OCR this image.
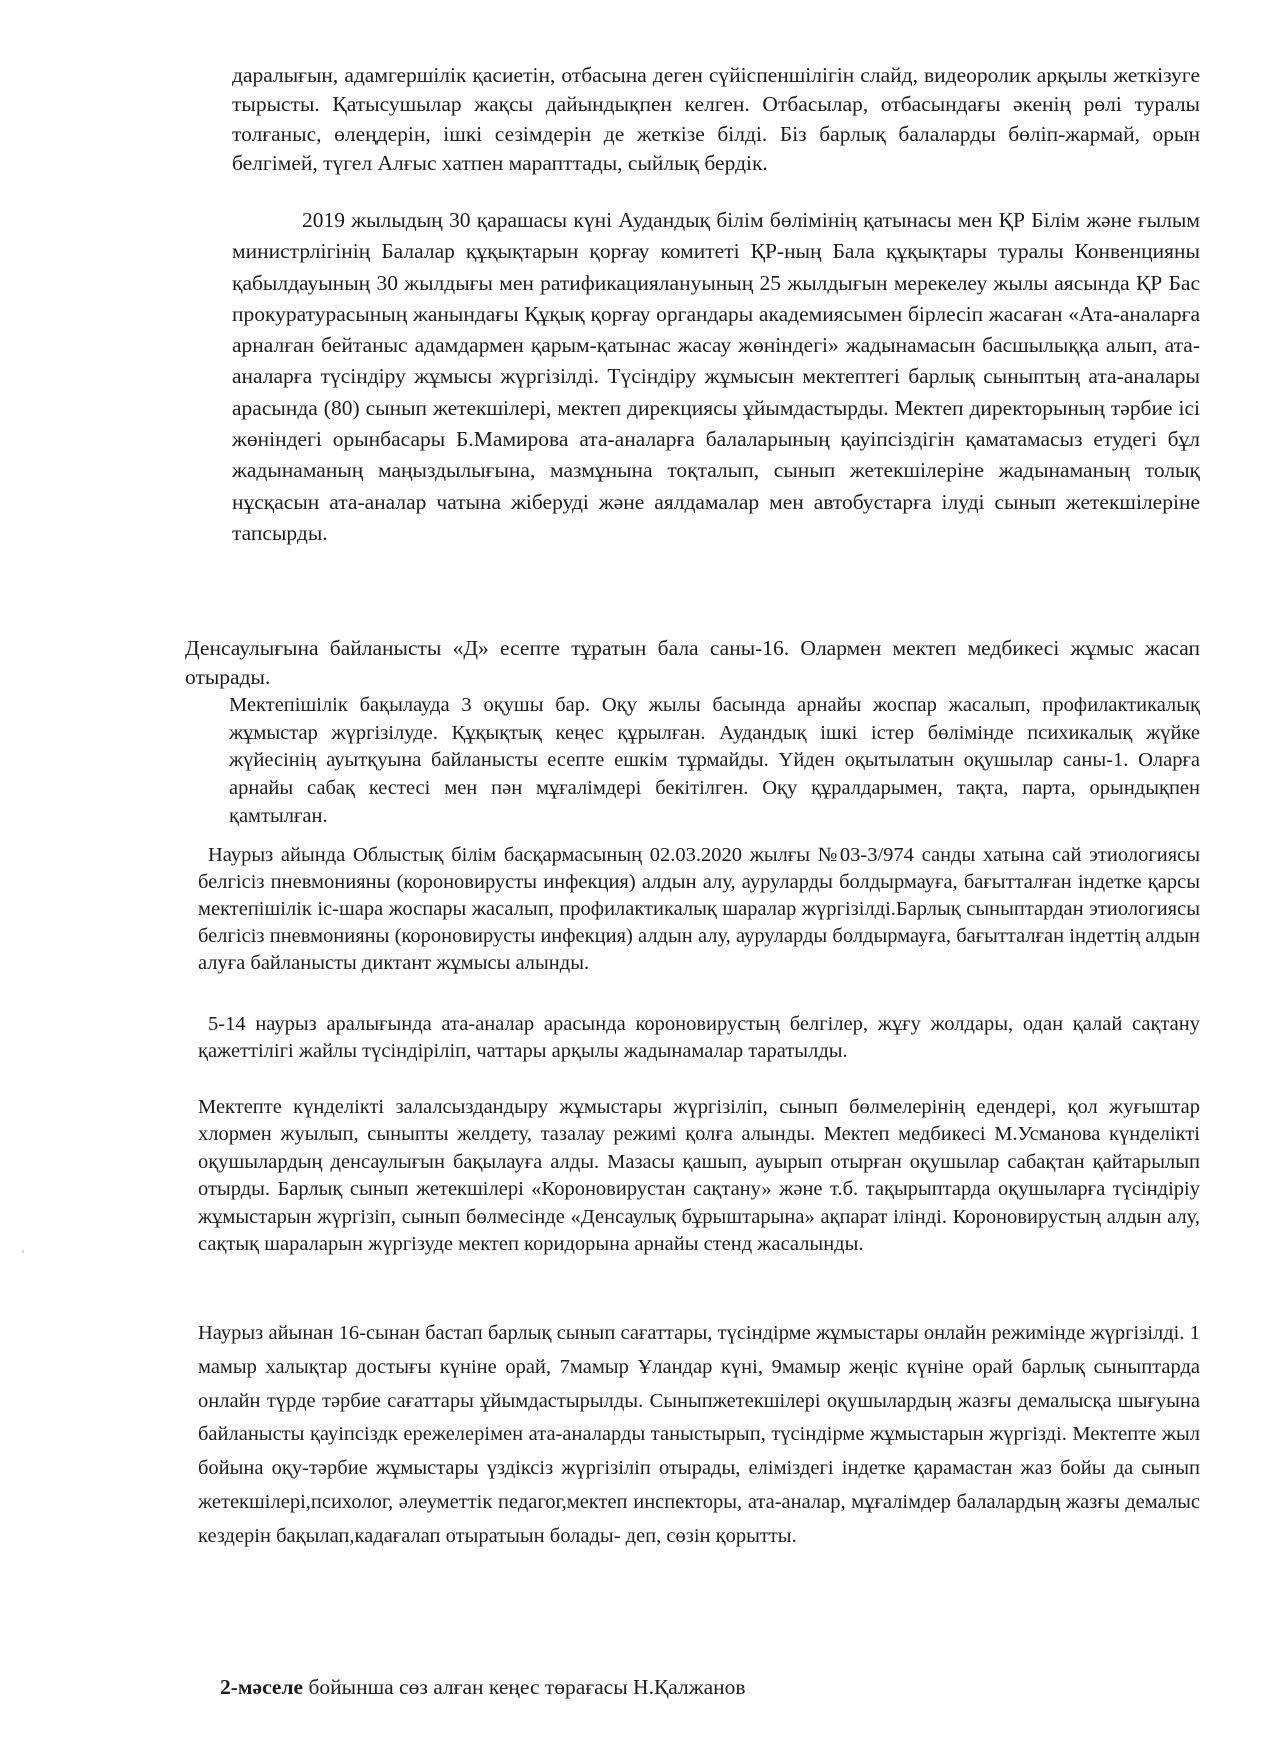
даралығын, адамгершілік қасиетін, отбасына деген сүйіспеншілігін слайд, видеоролик арқылы жеткізуге тырысты. Қатысушылар жақсы дайындықпен келген. Отбасылар, отбасындағы әкенің рөлі туралы толғаныс, өлеңдерін, ішкі сезімдерін де жеткізе білді. Біз барлық балаларды бөліп-жармай, орын белгімей, түгел Алғыс хатпен марапттады, сыйлық бердік.

2019 жылыдың 30 қарашасы күні Аудандық білім бөлімінің қатынасы мен ҚР Білім және ғылым министрлігінің Балалар құқықтарын қорғау комитеті ҚР-ның Бала құқықтары туралы Конвенцияны қабылдауының 30 жылдығы мен ратификациялануының 25 жылдығын мерекелеу жылы аясында ҚР Бас прокуратурасының жанындағы Құқық қорғау органдары академиясымен бірлесіп жасаған «Ата-аналарға арналған бейтаныс адамдармен қарым-қатынас жасау жөніндегі» жадынамасын басшылыққа алып, ата-аналарға түсіндіру жұмысы жүргізілді. Түсіндіру жұмысын мектептегі барлық сыныптың ата-аналары арасында (80) сынып жетекшілері, мектеп дирекциясы ұйымдастырды. Мектеп директорының тәрбие ісі жөніндегі орынбасары Б.Мамирова ата-аналарға балаларының қауіпсіздігін қаматамасыз етудегі бұл жадынаманың маңыздылығына, мазмұнына тоқталып, сынып жетекшілеріне жадынаманың толық нұсқасын ата-аналар чатына жіберуді және аялдамалар мен автобустарға ілуді сынып жетекшілеріне тапсырды.

Денсаулығына байланысты «Д» есепте тұратын бала саны-16. Олармен мектеп медбикесі жұмыс жасап отырады.

Мектепішілік бақылауда 3 оқушы бар. Оқу жылы басында арнайы жоспар жасалып, профилактикалық жұмыстар жүргізілуде. Құқықтық кеңес құрылған. Аудандық ішкі істер бөлімінде психикалық жүйке жүйесінің ауытқуына байланысты есепте ешкім тұрмайды. Үйден оқытылатын оқушылар саны-1. Оларға арнайы сабақ кестесі мен пән мұғалімдері бекітілген. Оқу құралдарымен, тақта, парта, орындықпен қамтылған.

Наурыз айында Облыстық білім басқармасының 02.03.2020 жылғы №03-3/974 санды хатына сай этиологиясы белгісіз пневмонияны (короновирусты инфекция) алдын алу, ауруларды болдырмауға, бағытталған індетке қарсы мектепішілік іс-шара жоспары жасалып, профилактикалық шаралар жүргізілді.Барлық сыныптардан этиологиясы белгісіз пневмонияны (короновирусты инфекция) алдын алу, ауруларды болдырмауға, бағытталған індеттің алдын алуға байланысты диктант жұмысы алынды.

5-14 наурыз аралығында ата-аналар арасында короновирустың белгілер, жұғу жолдары, одан қалай сақтану қажеттілігі жайлы түсіндіріліп, чаттары арқылы жадынамалар таратылды.

Мектепте күнделікті залалсыздандыру жұмыстары жүргізіліп, сынып бөлмелерінің едендері, қол жуғыштар хлормен жуылып, сыныпты желдету, тазалау режимі қолға алынды. Мектеп медбикесі М.Усманова күнделікті оқушылардың денсаулығын бақылауға алды. Мазасы қашып, ауырып отырған оқушылар сабақтан қайтарылып отырды. Барлық сынып жетекшілері «Короновирустан сақтану» және т.б. тақырыптарда оқушыларға түсіндіріу жұмыстарын жүргізіп, сынып бөлмесінде «Денсаулық бұрыштарына» ақпарат ілінді. Короновирустың алдын алу, сақтық шараларын жүргізуде мектеп коридорына арнайы стенд жасалынды.

Наурыз айынан 16-сынан бастап барлық сынып сағаттары, түсіндірме жұмыстары онлайн режимінде жүргізілді. 1 мамыр халықтар достығы күніне орай, 7мамыр Ұландар күні, 9мамыр жеңіс күніне орай барлық сыныптарда онлайн түрде тәрбие сағаттары ұйымдастырылды. Сыныпжетекшілері оқушылардың жазғы демалысқа шығуына байланысты қауіпсіздк ережелерімен ата-аналарды таныстырып, түсіндірме жұмыстарын жүргізді. Мектепте жыл бойына оқу-тәрбие жұмыстары үздіксіз жүргізіліп отырады, еліміздегі індетке қарамастан жаз бойы да сынып жетекшілері,психолог, әлеуметтік педагог,мектеп инспекторы, ата-аналар, мұғалімдер балалардың жазғы демалыс кездерін бақылап,кадағалап отыратыын болады- деп, сөзін қорытты.

2-мәселе бойынша сөз алған кеңес төрағасы Н.Қалжанов
